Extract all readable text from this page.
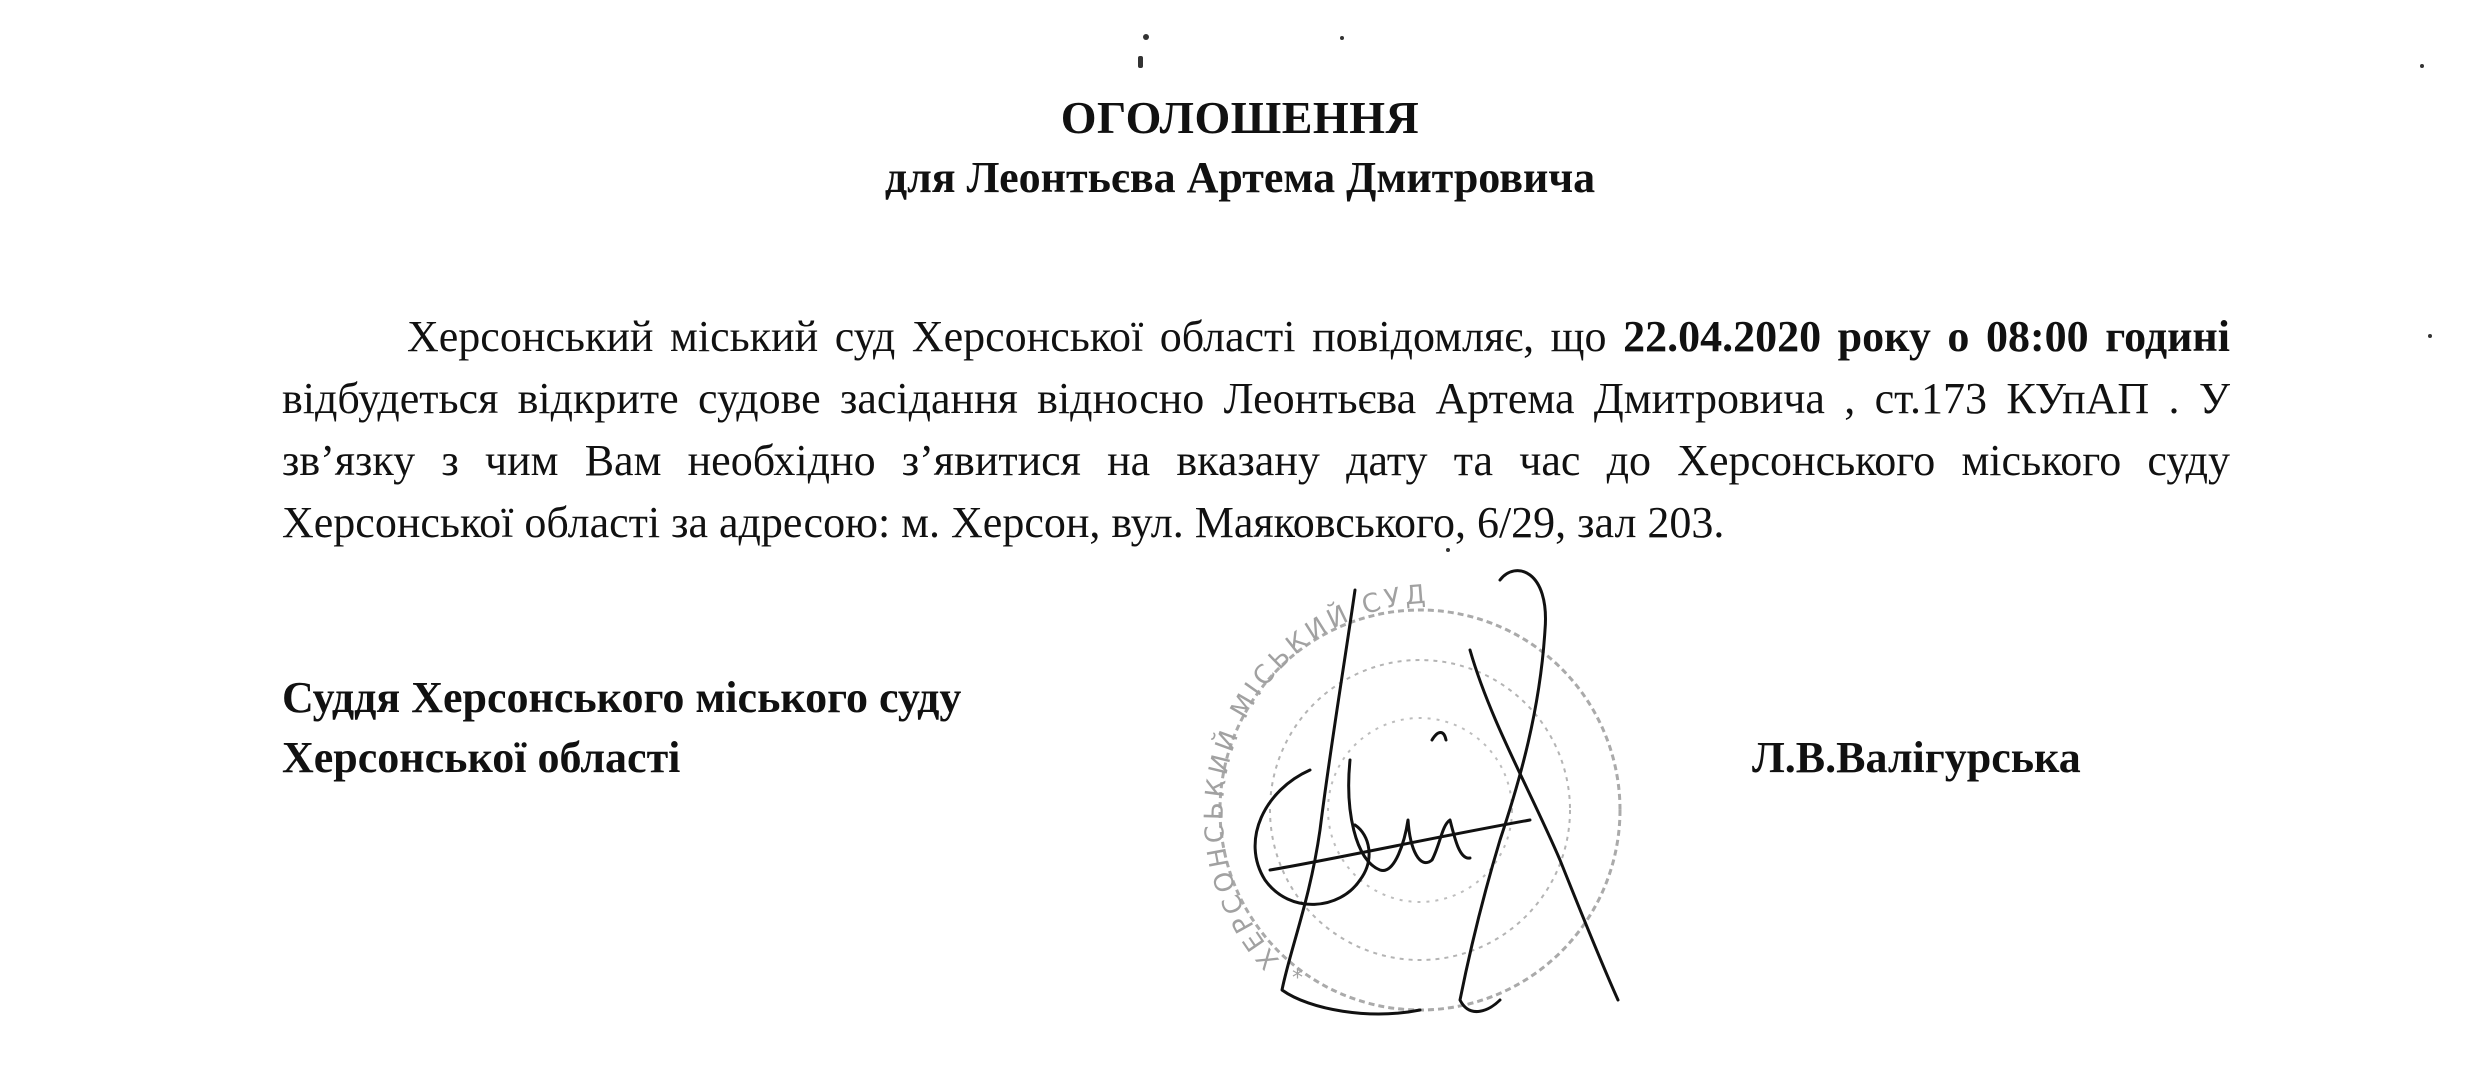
ОГОЛОШЕННЯ
для Леонтьєва Артема Дмитровича

Херсонський міський суд Херсонської області повідомляє, що 22.04.2020 року о 08:00 годині відбудеться відкрите судове засідання відносно Леонтьєва Артема Дмитровича , ст.173 КУпАП . У зв’язку з чим Вам необхідно з’явитися на вказану дату та час до Херсонського міського суду Херсонської області за адресою: м. Херсон, вул. Маяковського, 6/29, зал 203.

Суддя Херсонського міського суду
Херсонської області	Л.В.Валігурська
ХЕРСОНСЬКИЙ МІСЬКИЙ СУД
*
